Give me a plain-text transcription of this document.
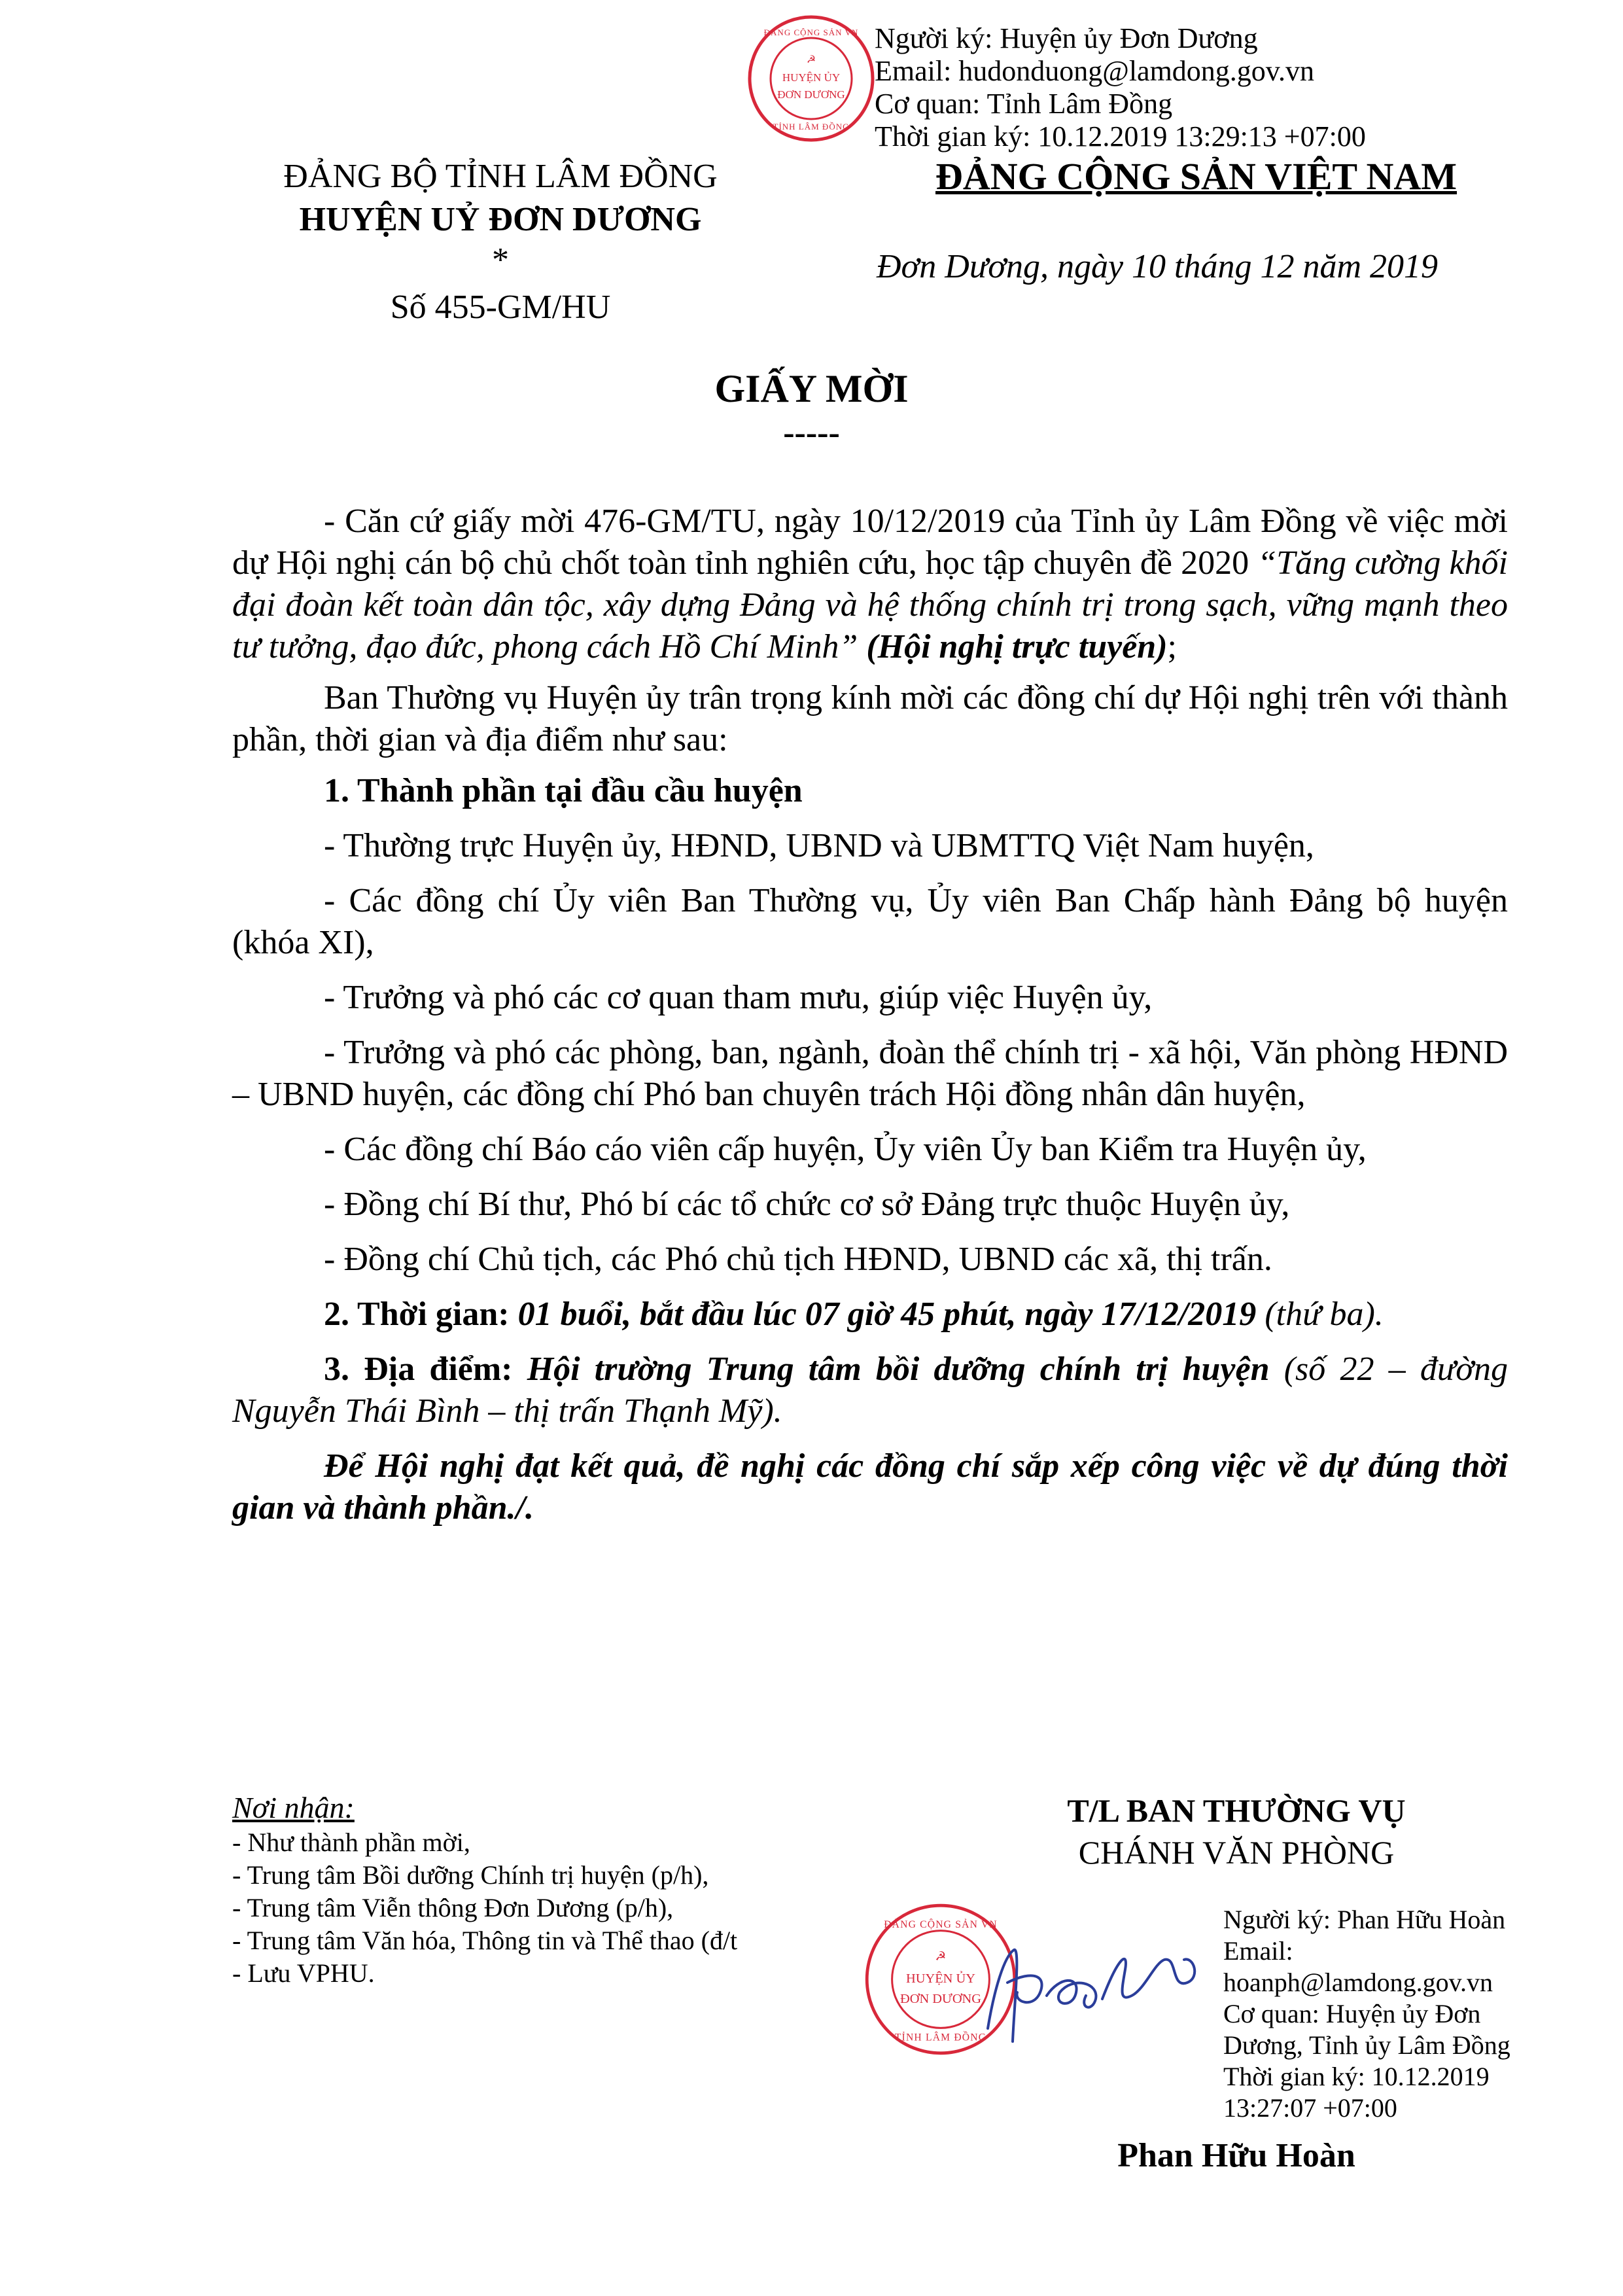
ĐẢNG CỘNG SẢN VN
TỈNH LÂM ĐỒNG
☭
HUYỆN ỦY
ĐƠN DƯƠNG
Người ký: Huyện ủy Đơn Dương
Email: hudonduong@lamdong.gov.vn
Cơ quan: Tỉnh Lâm Đồng
Thời gian ký: 10.12.2019 13:29:13 +07:00
ĐẢNG BỘ TỈNH LÂM ĐỒNG
HUYỆN UỶ ĐƠN DƯƠNG
*
Số 455-GM/HU
ĐẢNG CỘNG SẢN VIỆT NAM
Đơn Dương, ngày 10 tháng 12 năm 2019
GIẤY MỜI
-----

- Căn cứ giấy mời 476-GM/TU, ngày 10/12/2019 của Tỉnh ủy Lâm Đồng về việc mời dự Hội nghị cán bộ chủ chốt toàn tỉnh nghiên cứu, học tập chuyên đề 2020 “Tăng cường khối đại đoàn kết toàn dân tộc, xây dựng Đảng và hệ thống chính trị trong sạch, vững mạnh theo tư tưởng, đạo đức, phong cách Hồ Chí Minh” (Hội nghị trực tuyến);

Ban Thường vụ Huyện ủy trân trọng kính mời các đồng chí dự Hội nghị trên với thành phần, thời gian và địa điểm như sau:

1. Thành phần tại đầu cầu huyện

- Thường trực Huyện ủy, HĐND, UBND và UBMTTQ Việt Nam huyện,

- Các đồng chí Ủy viên Ban Thường vụ, Ủy viên Ban Chấp hành Đảng bộ huyện (khóa XI),

- Trưởng và phó các cơ quan tham mưu, giúp việc Huyện ủy,

- Trưởng và phó các phòng, ban, ngành, đoàn thể chính trị - xã hội, Văn phòng HĐND – UBND huyện, các đồng chí Phó ban chuyên trách Hội đồng nhân dân huyện,

- Các đồng chí Báo cáo viên cấp huyện, Ủy viên Ủy ban Kiểm tra Huyện ủy,

- Đồng chí Bí thư, Phó bí các tổ chức cơ sở Đảng trực thuộc Huyện ủy,

- Đồng chí Chủ tịch, các Phó chủ tịch HĐND, UBND các xã, thị trấn.

2. Thời gian: 01 buổi, bắt đầu lúc 07 giờ 45 phút, ngày 17/12/2019 (thứ ba).

3. Địa điểm: Hội trường Trung tâm bồi dưỡng chính trị huyện (số 22 – đường Nguyễn Thái Bình – thị trấn Thạnh Mỹ).

Để Hội nghị đạt kết quả, đề nghị các đồng chí sắp xếp công việc về dự đúng thời gian và thành phần./.

Nơi nhận:
- Như thành phần mời,
- Trung tâm Bồi dưỡng Chính trị huyện (p/h),
- Trung tâm Viễn thông Đơn Dương (p/h),
- Trung tâm Văn hóa, Thông tin và Thể thao (đ/t
- Lưu VPHU.
T/L BAN THƯỜNG VỤ
CHÁNH VĂN PHÒNG
ĐẢNG CỘNG SẢN VN
TỈNH LÂM ĐỒNG
☭
HUYỆN ỦY
ĐƠN DƯƠNG
Người ký: Phan Hữu Hoàn
Email:
hoanph@lamdong.gov.vn
Cơ quan: Huyện ủy Đơn
Dương, Tỉnh ủy Lâm Đồng
Thời gian ký: 10.12.2019
13:27:07 +07:00
Phan Hữu Hoàn
